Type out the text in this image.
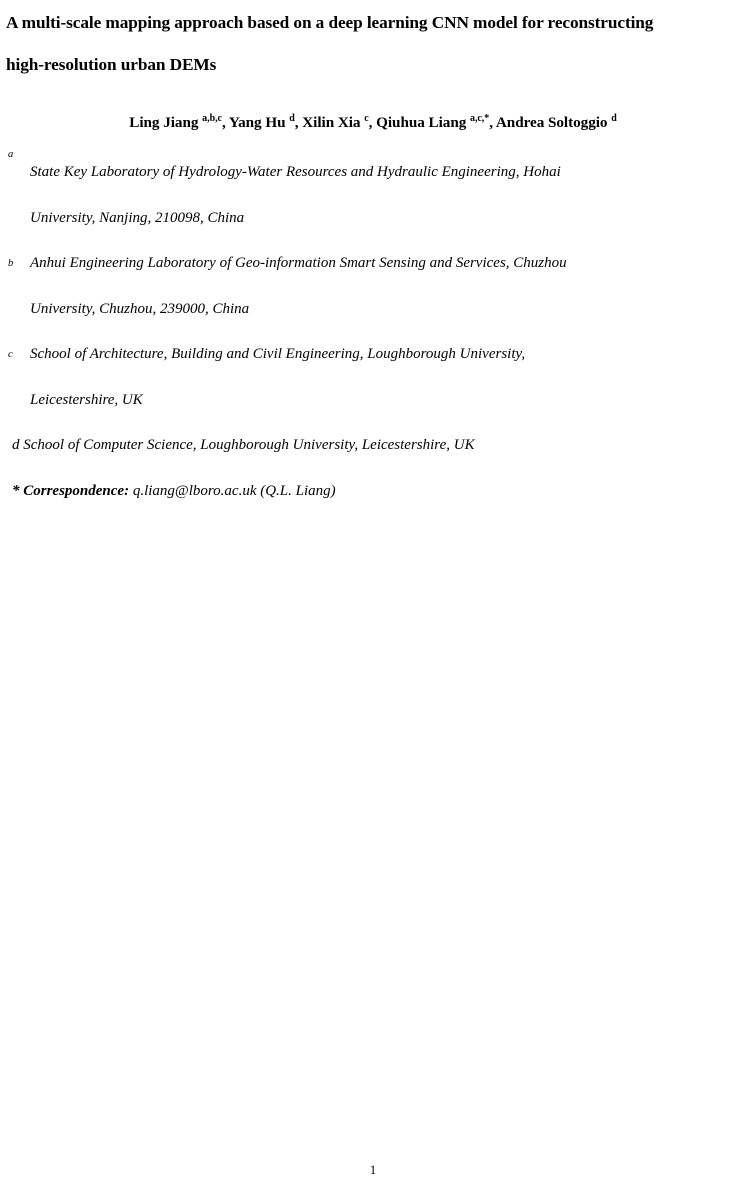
A multi-scale mapping approach based on a deep learning CNN model for reconstructing
high-resolution urban DEMs

Ling Jiang $^{a,b,c}$, Yang Hu $^d$, Xilin Xia $^c$, Qiuhua Liang $^{a,c,*}$, Andrea Soltoggio $^d$

a
State Key Laboratory of Hydrology-Water Resources and Hydraulic Engineering, Hohai
University, Nanjing, 210098, China
b Anhui Engineering Laboratory of Geo-information Smart Sensing and Services, Chuzhou
University, Chuzhou, 239000, China
c School of Architecture, Building and Civil Engineering, Loughborough University,
Leicestershire, UK

d School of Computer Science, Loughborough University, Leicestershire, UK

* Correspondence: q.liang@lboro.ac.uk (Q.L. Liang)

1
